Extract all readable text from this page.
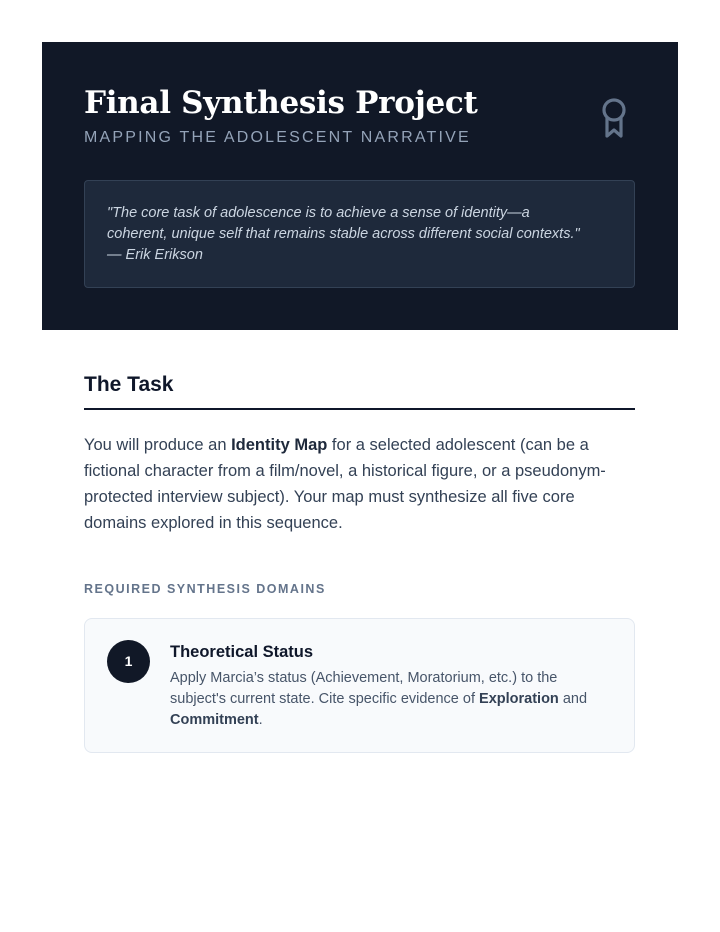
Final Synthesis Project
MAPPING THE ADOLESCENT NARRATIVE
"The core task of adolescence is to achieve a sense of identity—a
coherent, unique self that remains stable across different social contexts."
— Erik Erikson
The Task

You will produce an Identity Map for a selected adolescent (can be a fictional character from a film/novel, a historical figure, or a pseudonym-protected interview subject). Your map must synthesize all five core domains explored in this sequence.

REQUIRED SYNTHESIS DOMAINS
1	Theoretical Status

Apply Marcia’s status (Achievement, Moratorium, etc.) to the subject's current state. Cite specific evidence of Exploration and Commitment.
